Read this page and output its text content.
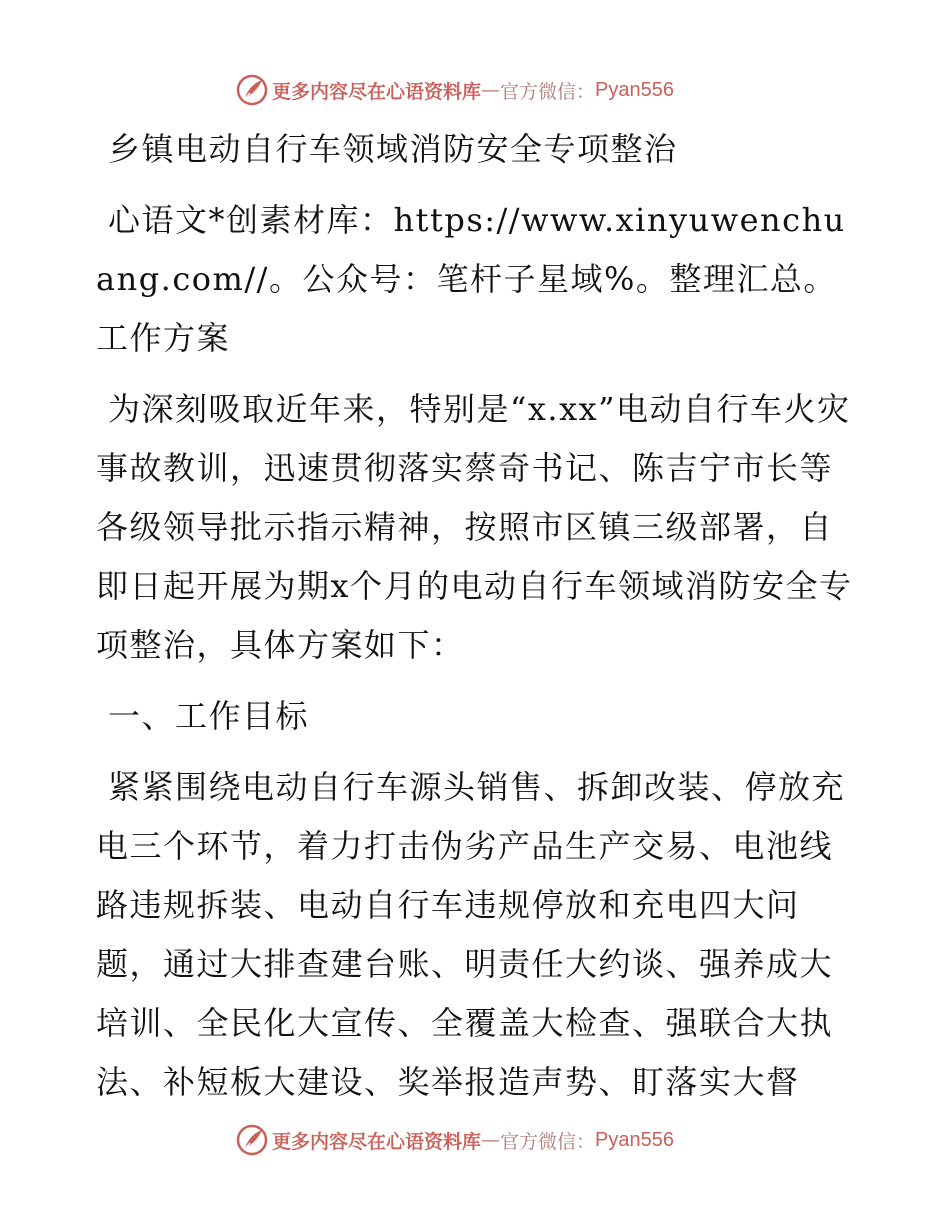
更多内容尽在心语资料库 — 官方微信： Pyan556

乡镇电动自行车领域消防安全专项整治

心语文*创素材库：https://www.xinyuwenchuang.com//。公众号：笔杆子星域%。整理汇总。工作方案

为深刻吸取近年来，特别是“x.xx”电动自行车火灾事故教训，迅速贯彻落实蔡奇书记、陈吉宁市长等各级领导批示指示精神，按照市区镇三级部署，自即日起开展为期x个月的电动自行车领域消防安全专项整治，具体方案如下：

一、工作目标

紧紧围绕电动自行车源头销售、拆卸改装、停放充电三个环节，着力打击伪劣产品生产交易、电池线路违规拆装、电动自行车违规停放和充电四大问题，通过大排查建台账、明责任大约谈、强养成大培训、全民化大宣传、全覆盖大检查、强联合大执法、补短板大建设、奖举报造声势、盯落实大督

更多内容尽在心语资料库 — 官方微信： Pyan556
